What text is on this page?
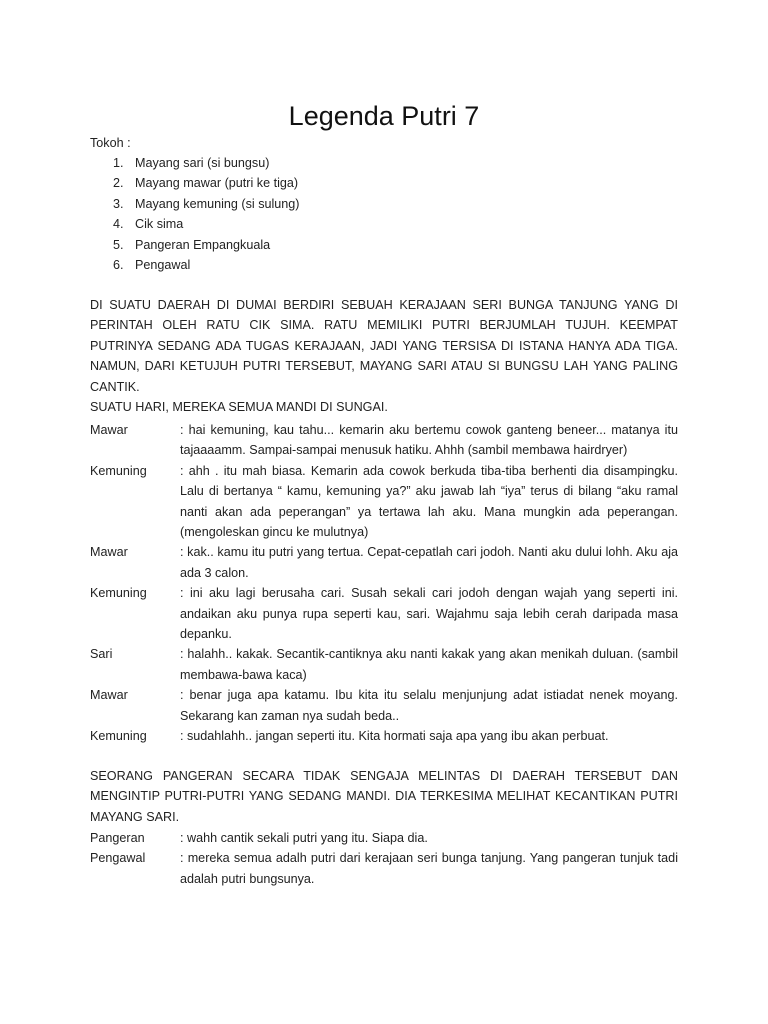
Legenda Putri 7
Tokoh :
1. Mayang sari (si bungsu)
2. Mayang mawar (putri ke tiga)
3. Mayang kemuning (si sulung)
4. Cik sima
5. Pangeran Empangkuala
6. Pengawal
DI SUATU DAERAH DI DUMAI BERDIRI SEBUAH KERAJAAN SERI BUNGA TANJUNG YANG DI PERINTAH OLEH RATU CIK SIMA. RATU MEMILIKI PUTRI BERJUMLAH TUJUH. KEEMPAT PUTRINYA SEDANG ADA TUGAS KERAJAAN, JADI YANG TERSISA DI ISTANA HANYA ADA TIGA. NAMUN, DARI KETUJUH PUTRI TERSEBUT, MAYANG SARI ATAU SI BUNGSU LAH YANG PALING CANTIK.
SUATU HARI, MEREKA SEMUA MANDI DI SUNGAI.
Mawar	: hai kemuning, kau tahu... kemarin aku bertemu cowok ganteng beneer... matanya itu tajaaaamm. Sampai-sampai menusuk hatiku. Ahhh (sambil membawa hairdryer)
Kemuning	: ahh . itu mah biasa. Kemarin ada cowok berkuda tiba-tiba berhenti dia disampingku. Lalu di bertanya “ kamu, kemuning ya?” aku jawab lah “iya” terus di bilang “aku ramal nanti akan ada peperangan” ya tertawa lah aku. Mana mungkin ada peperangan. (mengoleskan gincu ke mulutnya)
Mawar	: kak.. kamu itu putri yang tertua. Cepat-cepatlah cari jodoh. Nanti aku dului lohh. Aku aja ada 3 calon.
Kemuning	: ini aku lagi berusaha cari. Susah sekali cari jodoh dengan wajah yang seperti ini. andaikan aku punya rupa seperti kau, sari. Wajahmu saja lebih cerah daripada masa depanku.
Sari	: halahh.. kakak. Secantik-cantiknya aku nanti kakak yang akan menikah duluan. (sambil membawa-bawa kaca)
Mawar	: benar juga apa katamu. Ibu kita itu selalu menjunjung adat istiadat nenek moyang. Sekarang kan zaman nya sudah beda..
Kemuning	: sudahlahh.. jangan seperti itu. Kita hormati saja apa yang ibu akan perbuat.
SEORANG PANGERAN SECARA TIDAK SENGAJA MELINTAS DI DAERAH TERSEBUT DAN MENGINTIP PUTRI-PUTRI YANG SEDANG MANDI. DIA TERKESIMA MELIHAT KECANTIKAN PUTRI MAYANG SARI.
Pangeran	: wahh cantik sekali putri yang itu. Siapa dia.
Pengawal	: mereka semua adalh putri dari kerajaan seri bunga tanjung. Yang pangeran tunjuk tadi adalah putri bungsunya.
